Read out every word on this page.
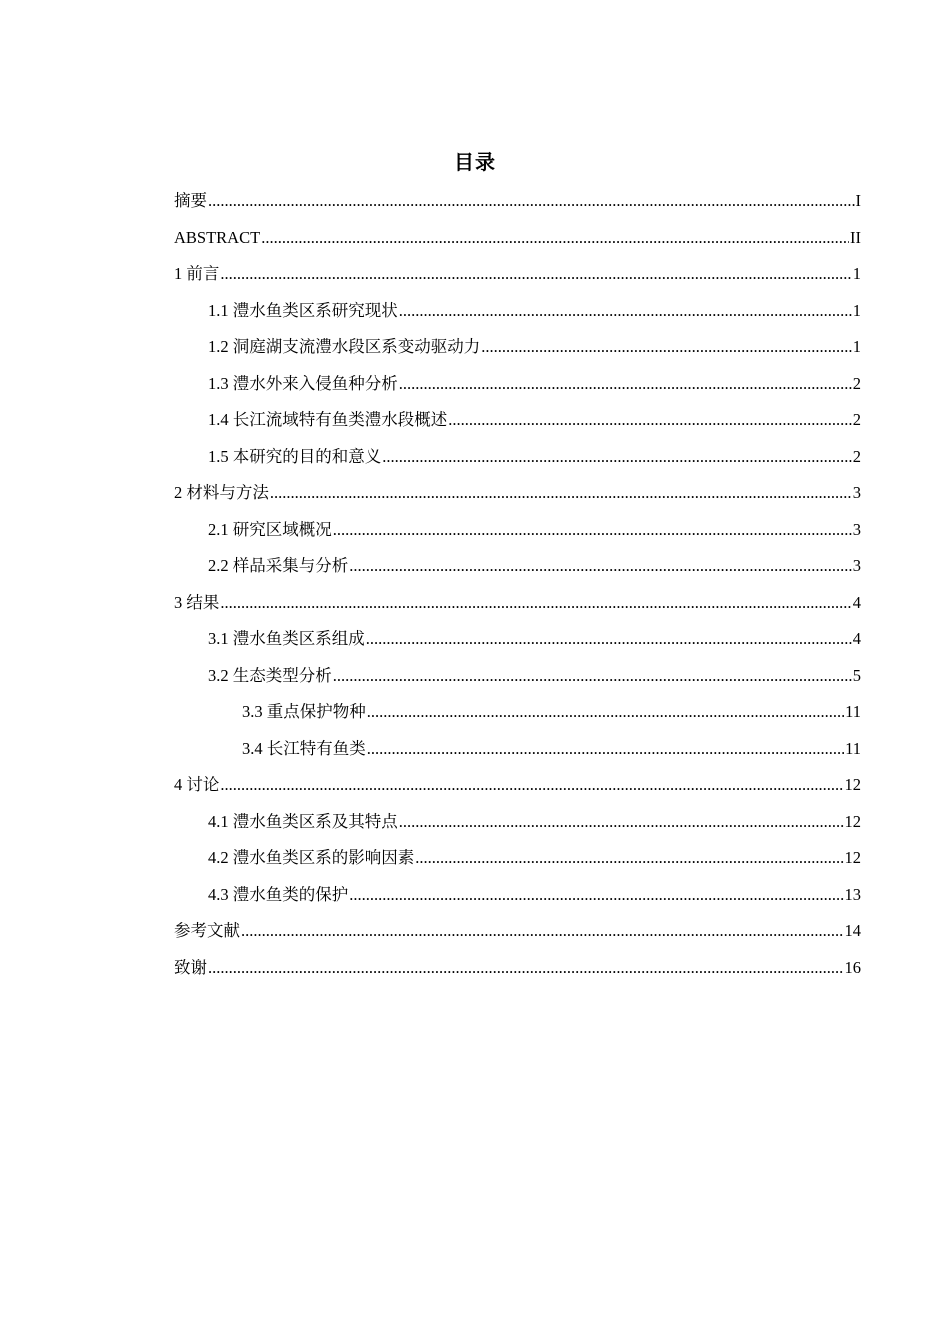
目录
摘要 .....	I
ABSTRACT .....	II
1 前言 .....	1
1.1 澧水鱼类区系研究现状 .....	1
1.2 洞庭湖支流澧水段区系变动驱动力 .....	1
1.3 澧水外来入侵鱼种分析 .....	2
1.4 长江流域特有鱼类澧水段概述 .....	2
1.5 本研究的目的和意义 .....	2
2 材料与方法 .....	3
2.1 研究区域概况 .....	3
2.2 样品采集与分析 .....	3
3 结果 .....	4
3.1 澧水鱼类区系组成 .....	4
3.2 生态类型分析 .....	5
3.3 重点保护物种 .....	11
3.4 长江特有鱼类 .....	11
4 讨论 .....	12
4.1 澧水鱼类区系及其特点 .....	12
4.2 澧水鱼类区系的影响因素 .....	12
4.3 澧水鱼类的保护 .....	13
参考文献 .....	14
致谢 .....	16
